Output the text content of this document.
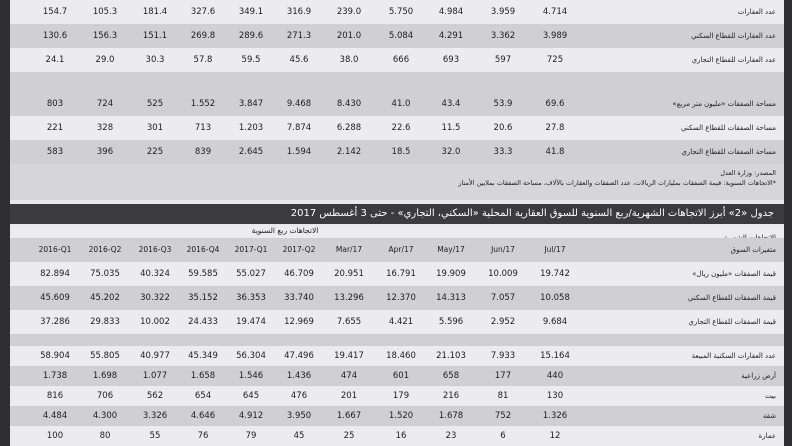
154.7	105.3	181.4	327.6	349.1	316.9	239.0	5.750	4.984	3.959	4.714	عدد العقارات
130.6	156.3	151.1	269.8	289.6	271.3	201.0	5.084	4.291	3.362	3.989	عدد العقارات للقطاع السكني
24.1	29.0	30.3	57.8	59.5	45.6	38.0	666	693	597	725	عدد العقارات للقطاع التجاري
803	724	525	1.552	3.847	9.468	8.430	41.0	43.4	53.9	69.6	مساحة الصفقات «مليون متر مربع»
221	328	301	713	1.203	7.874	6.288	22.6	11.5	20.6	27.8	مساحة الصفقات للقطاع السكني
583	396	225	839	2.645	1.594	2.142	18.5	32.0	33.3	41.8	مساحة الصفقات للقطاع التجاري
المصدر: وزارة العدل
*الاتجاهات السنوية: قيمة الصفقات بمليارات الريالات، عدد الصفقات والعقارات بالآلاف، مساحة الصفقات بملايين الأمتار
جدول «2» أبرز الاتجاهات الشهرية/ربع السنوية للسوق العقارية المحلية «السكني، التجاري» - حتى 3 أغسطس 2017
الاتجاهات ربع السنوية
متغيرات السوق
2016-Q1	2016-Q2	2016-Q3	2016-Q4	2017-Q1	2017-Q2	Mar/17	Apr/17	May/17	Jun/17	Jul/17
82.894	75.035	40.324	59.585	55.027	46.709	20.951	16.791	19.909	10.009	19.742	قيمة الصفقات «مليون ريال»
45.609	45.202	30.322	35.152	36.353	33.740	13.296	12.370	14.313	7.057	10.058	قيمة الصفقات للقطاع السكني
37.286	29.833	10.002	24.433	19.474	12.969	7.655	4.421	5.596	2.952	9.684	قيمة الصفقات للقطاع التجاري
58.904	55.805	40.977	45.349	56.304	47.496	19.417	18.460	21.103	7.933	15.164	عدد العقارات السكنية المبيعة
1.738	1.698	1.077	1.658	1.546	1.436	474	601	658	177	440	أرض زراعية
816	706	562	654	645	476	201	179	216	81	130	بيت
4.484	4.300	3.326	4.646	4.912	3.950	1.667	1.520	1.678	752	1.326	شقة
100	80	55	76	79	45	25	16	23	6	12	عمارة
